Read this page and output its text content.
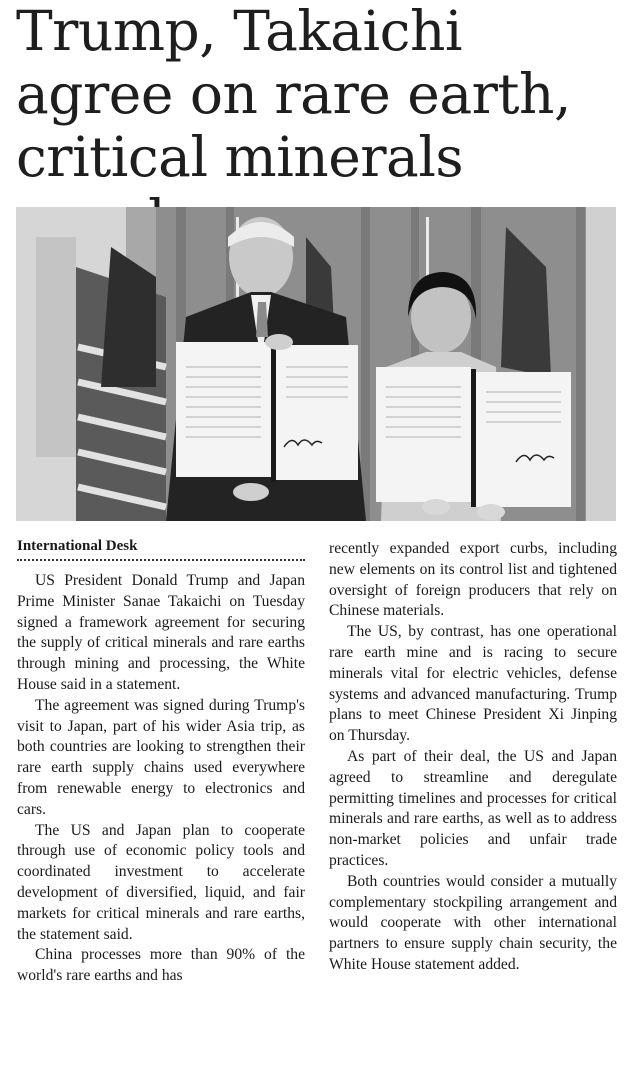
Trump, Takaichi agree on rare earth, critical minerals
International Desk

US President Donald Trump and Japan Prime Minister Sanae Takaichi on Tuesday signed a framework agreement for securing the supply of critical minerals and rare earths through mining and processing, the White House said in a statement.

The agreement was signed during Trump's visit to Japan, part of his wider Asia trip, as both countries are looking to strengthen their rare earth supply chains used everywhere from renewable energy to electronics and cars.

The US and Japan plan to cooperate through use of economic policy tools and coordinated investment to accelerate development of diversified, liquid, and fair markets for critical minerals and rare earths, the statement said.

China processes more than 90% of the world's rare earths and has

recently expanded export curbs, including new elements on its control list and tightened oversight of foreign producers that rely on Chinese materials.

The US, by contrast, has one operational rare earth mine and is racing to secure minerals vital for electric vehicles, defense systems and advanced manufacturing. Trump plans to meet Chinese President Xi Jinping on Thursday.

As part of their deal, the US and Japan agreed to streamline and deregulate permitting timelines and processes for critical minerals and rare earths, as well as to address non-market policies and unfair trade practices.

Both countries would consider a mutually complementary stockpiling arrangement and would cooperate with other international partners to ensure supply chain security, the White House statement added.
